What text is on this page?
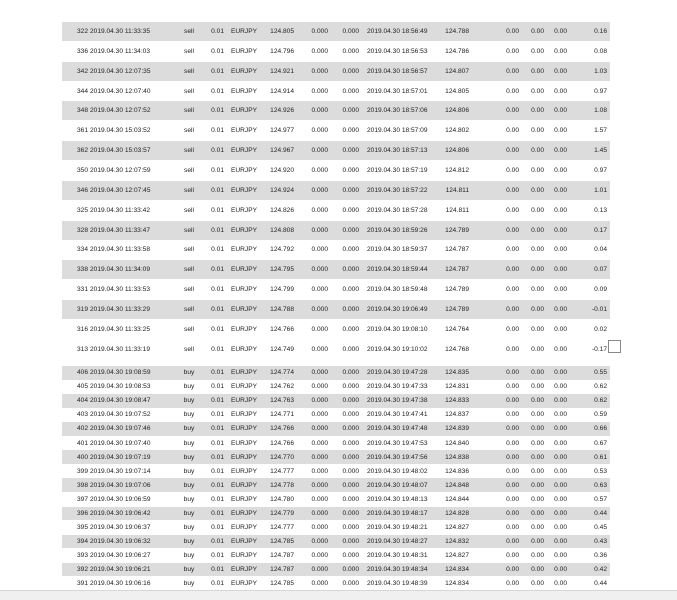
322 2019.04.30 11:33:35	sell	0.01 EURJPY	124.805	0.000	0.000 2019.04.30 18:56:49	124.788	0.00	0.00	0.00	0.16
336 2019.04.30 11:34:03	sell	0.01 EURJPY	124.796	0.000	0.000 2019.04.30 18:56:53	124.786	0.00	0.00	0.00	0.08
342 2019.04.30 12:07:35	sell	0.01 EURJPY	124.921	0.000	0.000 2019.04.30 18:56:57	124.807	0.00	0.00	0.00	1.03
344 2019.04.30 12:07:40	sell	0.01 EURJPY	124.914	0.000	0.000 2019.04.30 18:57:01	124.805	0.00	0.00	0.00	0.97
348 2019.04.30 12:07:52	sell	0.01 EURJPY	124.926	0.000	0.000 2019.04.30 18:57:06	124.806	0.00	0.00	0.00	1.08
361 2019.04.30 15:03:52	sell	0.01 EURJPY	124.977	0.000	0.000 2019.04.30 18:57:09	124.802	0.00	0.00	0.00	1.57
362 2019.04.30 15:03:57	sell	0.01 EURJPY	124.967	0.000	0.000 2019.04.30 18:57:13	124.806	0.00	0.00	0.00	1.45
350 2019.04.30 12:07:59	sell	0.01 EURJPY	124.920	0.000	0.000 2019.04.30 18:57:19	124.812	0.00	0.00	0.00	0.97
346 2019.04.30 12:07:45	sell	0.01 EURJPY	124.924	0.000	0.000 2019.04.30 18:57:22	124.811	0.00	0.00	0.00	1.01
325 2019.04.30 11:33:42	sell	0.01 EURJPY	124.826	0.000	0.000 2019.04.30 18:57:28	124.811	0.00	0.00	0.00	0.13
328 2019.04.30 11:33:47	sell	0.01 EURJPY	124.808	0.000	0.000 2019.04.30 18:59:26	124.789	0.00	0.00	0.00	0.17
334 2019.04.30 11:33:58	sell	0.01 EURJPY	124.792	0.000	0.000 2019.04.30 18:59:37	124.787	0.00	0.00	0.00	0.04
338 2019.04.30 11:34:09	sell	0.01 EURJPY	124.795	0.000	0.000 2019.04.30 18:59:44	124.787	0.00	0.00	0.00	0.07
331 2019.04.30 11:33:53	sell	0.01 EURJPY	124.799	0.000	0.000 2019.04.30 18:59:48	124.789	0.00	0.00	0.00	0.09
319 2019.04.30 11:33:29	sell	0.01 EURJPY	124.788	0.000	0.000 2019.04.30 19:06:49	124.789	0.00	0.00	0.00	-0.01
316 2019.04.30 11:33:25	sell	0.01 EURJPY	124.766	0.000	0.000 2019.04.30 19:08:10	124.764	0.00	0.00	0.00	0.02
313 2019.04.30 11:33:19	sell	0.01 EURJPY	124.749	0.000	0.000 2019.04.30 19:10:02	124.768	0.00	0.00	0.00	-0.17
406 2019.04.30 19:08:59	buy	0.01 EURJPY	124.774	0.000	0.000 2019.04.30 19:47:28	124.835	0.00	0.00	0.00	0.55
405 2019.04.30 19:08:53	buy	0.01 EURJPY	124.762	0.000	0.000 2019.04.30 19:47:33	124.831	0.00	0.00	0.00	0.62
404 2019.04.30 19:08:47	buy	0.01 EURJPY	124.763	0.000	0.000 2019.04.30 19:47:38	124.833	0.00	0.00	0.00	0.62
403 2019.04.30 19:07:52	buy	0.01 EURJPY	124.771	0.000	0.000 2019.04.30 19:47:41	124.837	0.00	0.00	0.00	0.59
402 2019.04.30 19:07:46	buy	0.01 EURJPY	124.766	0.000	0.000 2019.04.30 19:47:48	124.839	0.00	0.00	0.00	0.66
401 2019.04.30 19:07:40	buy	0.01 EURJPY	124.766	0.000	0.000 2019.04.30 19:47:53	124.840	0.00	0.00	0.00	0.67
400 2019.04.30 19:07:19	buy	0.01 EURJPY	124.770	0.000	0.000 2019.04.30 19:47:56	124.838	0.00	0.00	0.00	0.61
399 2019.04.30 19:07:14	buy	0.01 EURJPY	124.777	0.000	0.000 2019.04.30 19:48:02	124.836	0.00	0.00	0.00	0.53
398 2019.04.30 19:07:06	buy	0.01 EURJPY	124.778	0.000	0.000 2019.04.30 19:48:07	124.848	0.00	0.00	0.00	0.63
397 2019.04.30 19:06:59	buy	0.01 EURJPY	124.780	0.000	0.000 2019.04.30 19:48:13	124.844	0.00	0.00	0.00	0.57
396 2019.04.30 19:06:42	buy	0.01 EURJPY	124.779	0.000	0.000 2019.04.30 19:48:17	124.828	0.00	0.00	0.00	0.44
395 2019.04.30 19:06:37	buy	0.01 EURJPY	124.777	0.000	0.000 2019.04.30 19:48:21	124.827	0.00	0.00	0.00	0.45
394 2019.04.30 19:06:32	buy	0.01 EURJPY	124.785	0.000	0.000 2019.04.30 19:48:27	124.832	0.00	0.00	0.00	0.43
393 2019.04.30 19:06:27	buy	0.01 EURJPY	124.787	0.000	0.000 2019.04.30 19:48:31	124.827	0.00	0.00	0.00	0.36
392 2019.04.30 19:06:21	buy	0.01 EURJPY	124.787	0.000	0.000 2019.04.30 19:48:34	124.834	0.00	0.00	0.00	0.42
391 2019.04.30 19:06:16	buy	0.01 EURJPY	124.785	0.000	0.000 2019.04.30 19:48:39	124.834	0.00	0.00	0.00	0.44
